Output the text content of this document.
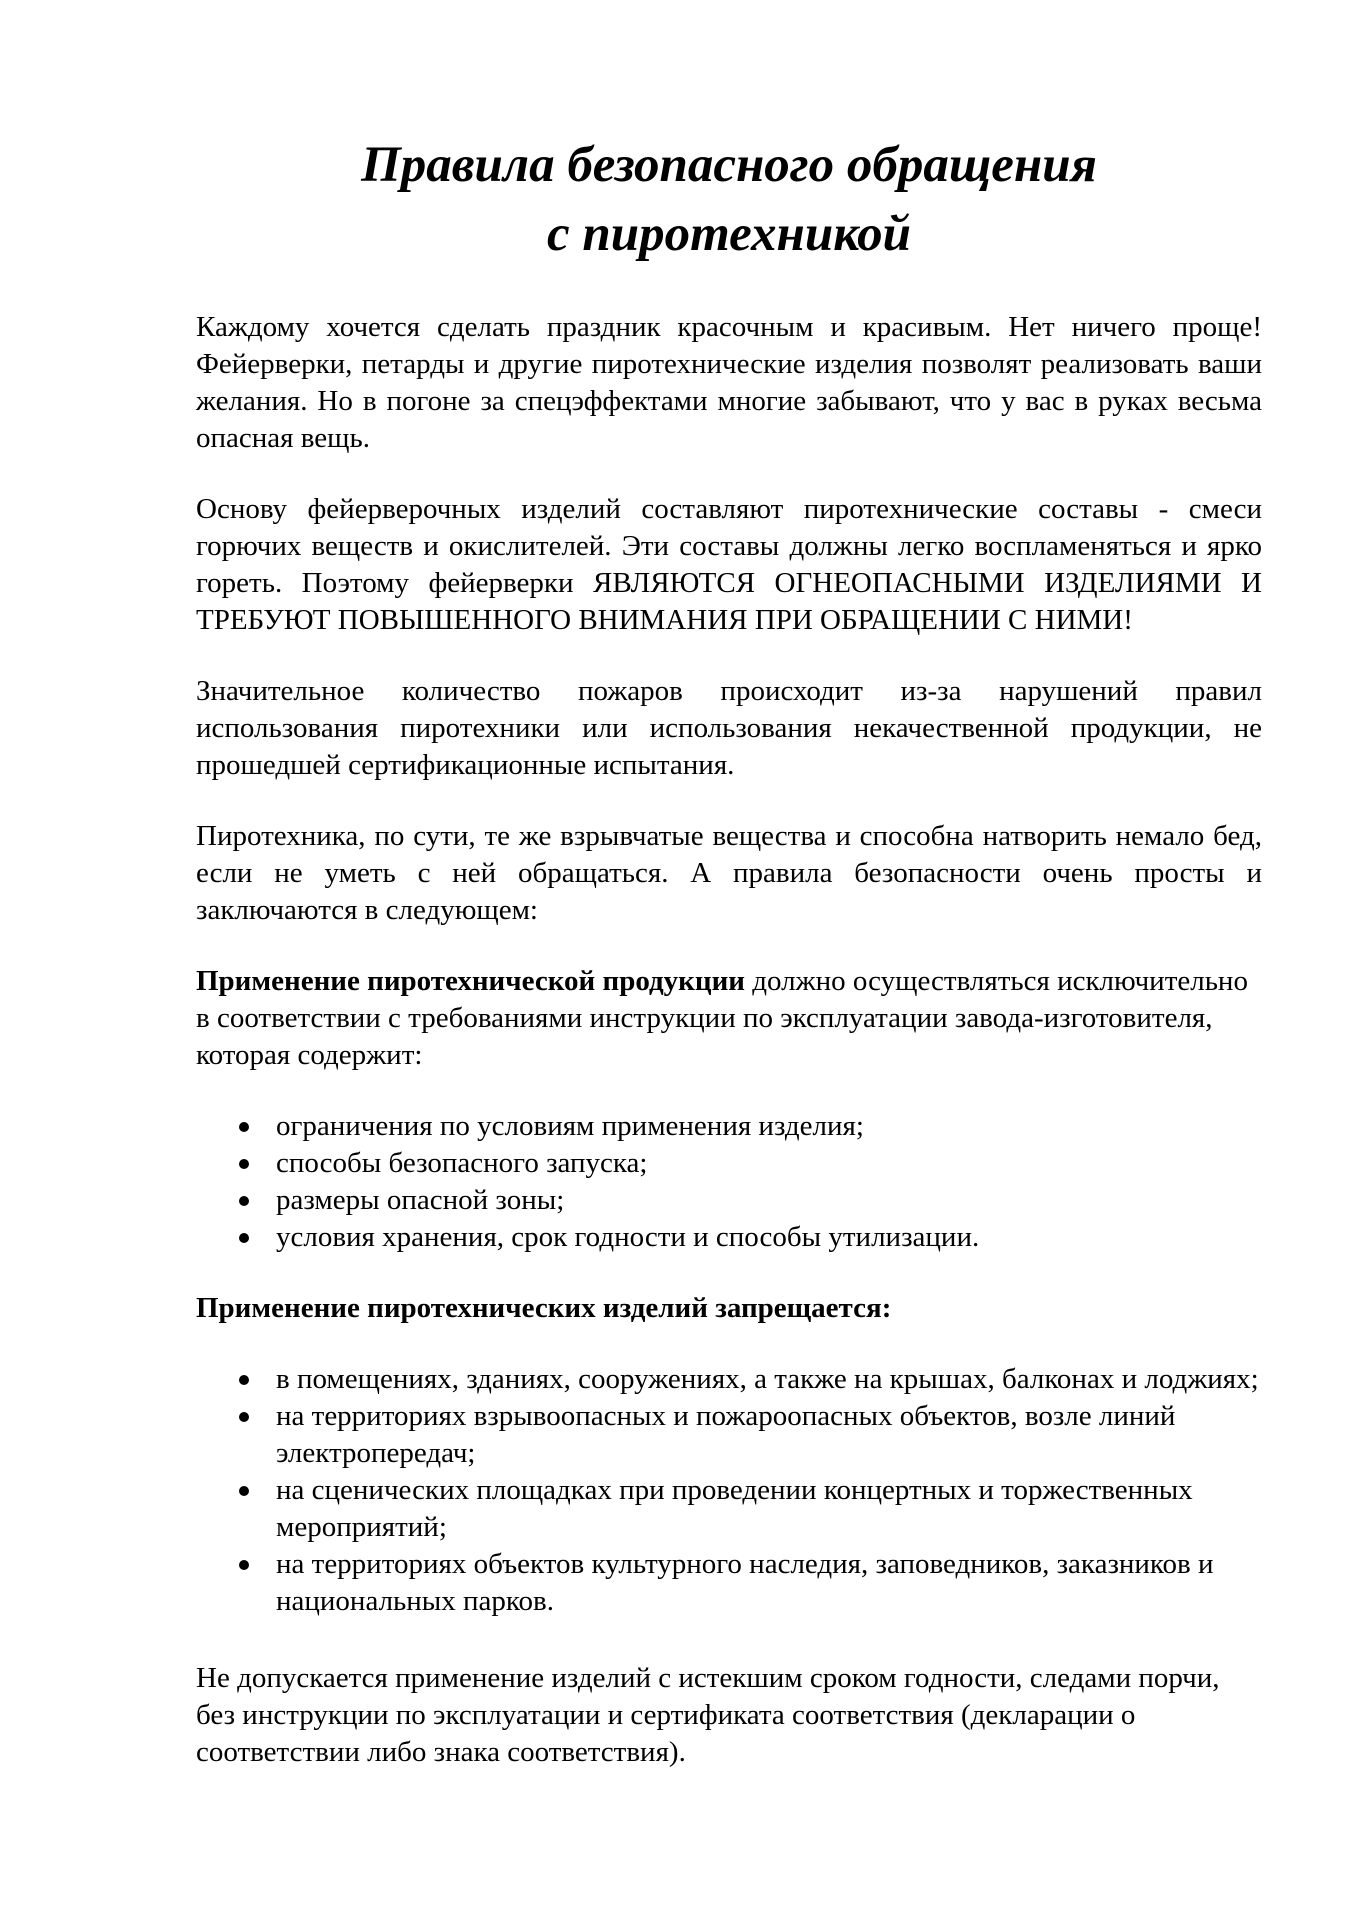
Правила безопасного обращения
с пиротехникой

Каждому хочется сделать праздник красочным и красивым. Нет ничего проще! Фейерверки, петарды и другие пиротехнические изделия позволят реализовать ваши желания. Но в погоне за спецэффектами многие забывают, что у вас в руках весьма опасная вещь.

Основу фейерверочных изделий составляют пиротехнические составы - смеси горючих веществ и окислителей. Эти составы должны легко воспламеняться и ярко гореть. Поэтому фейерверки ЯВЛЯЮТСЯ ОГНЕОПАСНЫМИ ИЗДЕЛИЯМИ И ТРЕБУЮТ ПОВЫШЕННОГО ВНИМАНИЯ ПРИ ОБРАЩЕНИИ С НИМИ!

Значительное количество пожаров происходит из-за нарушений правил использования пиротехники или использования некачественной продукции, не прошедшей сертификационные испытания.

Пиротехника, по сути, те же взрывчатые вещества и способна натворить немало бед, если не уметь с ней обращаться. А правила безопасности очень просты и заключаются в следующем:

Применение пиротехнической продукции должно осуществляться исключительно в соответствии с требованиями инструкции по эксплуатации завода-изготовителя, которая содержит:

ограничения по условиям применения изделия;
способы безопасного запуска;
размеры опасной зоны;
условия хранения, срок годности и способы утилизации.

Применение пиротехнических изделий запрещается:

в помещениях, зданиях, сооружениях, а также на крышах, балконах и лоджиях;
на территориях взрывоопасных и пожароопасных объектов, возле линий электропередач;
на сценических площадках при проведении концертных и торжественных мероприятий;
на территориях объектов культурного наследия, заповедников, заказников и национальных парков.

Не допускается применение изделий с истекшим сроком годности, следами порчи, без инструкции по эксплуатации и сертификата соответствия (декларации о соответствии либо знака соответствия).
